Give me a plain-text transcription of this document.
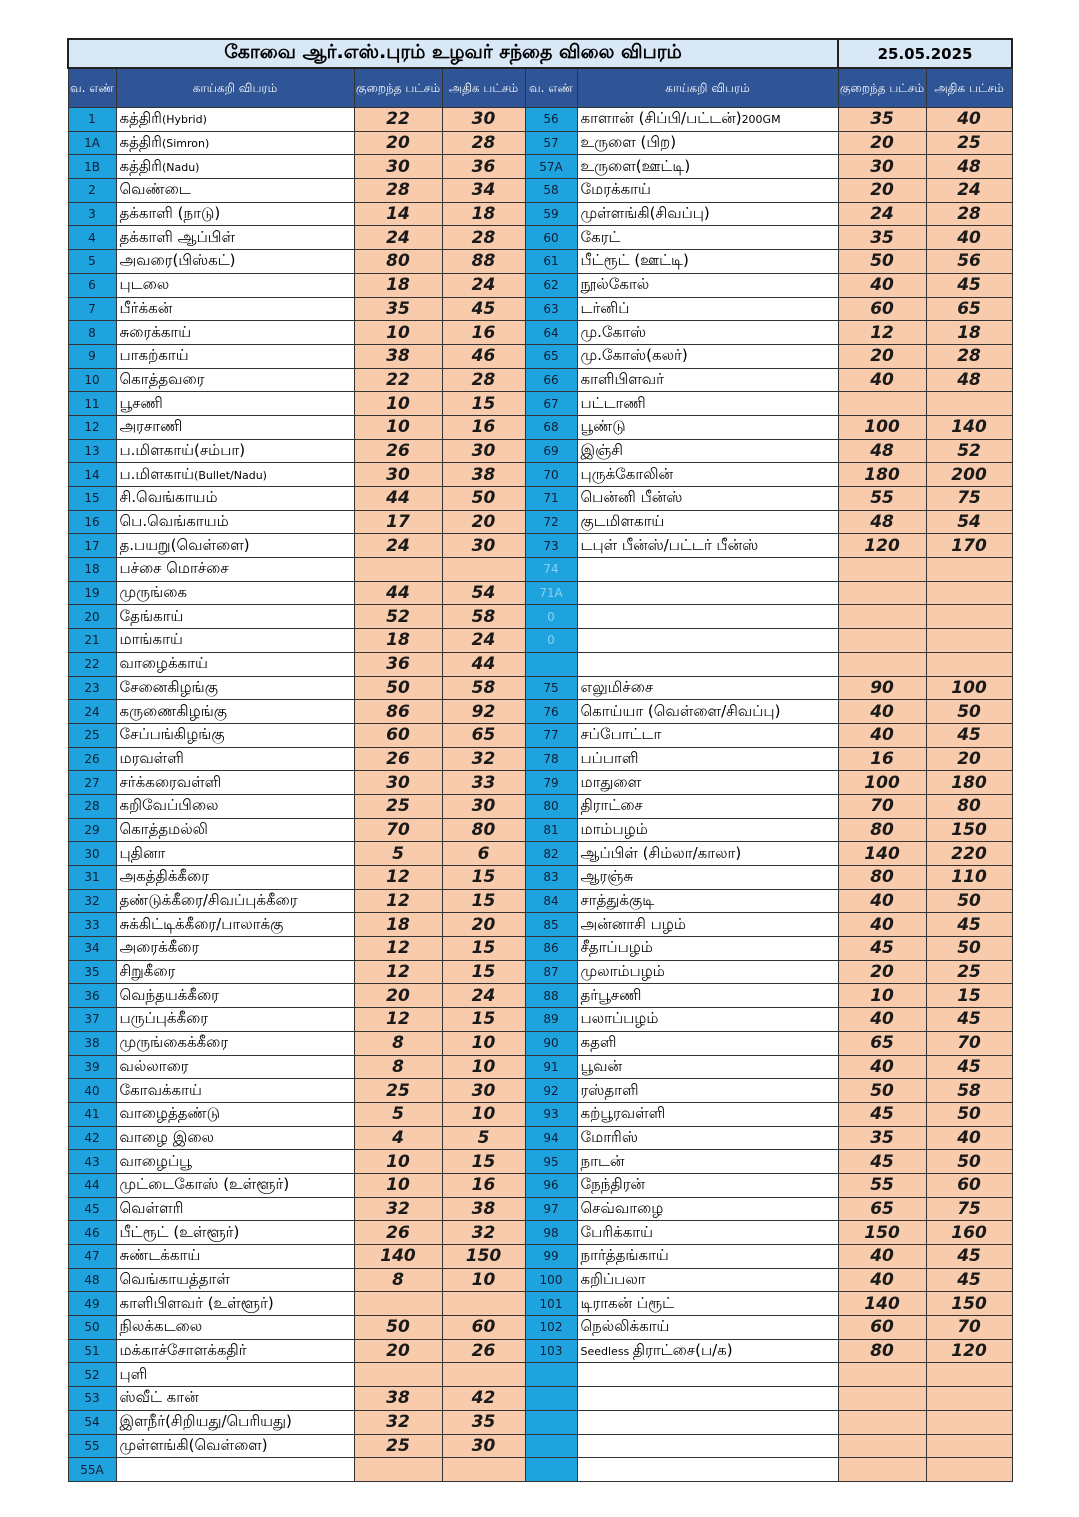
கோவை ஆர்.எஸ்.புரம் உழவர் சந்தை விலை விபரம்						25.05.2025	
வ. எண்	காய்கறி விபரம்	குறைந்த பட்சம்	அதிக பட்சம்	வ. எண்	காய்கறி விபரம்	குறைந்த பட்சம்	அதிக பட்சம்
1	கத்திரி(Hybrid)	22	30	56	காளான் (சிப்பி/பட்டன்)200GM	35	40
1A	கத்திரி(Simron)	20	28	57	உருளை (பிற)	20	25
1B	கத்திரி(Nadu)	30	36	57A	உருளை(ஊட்டி)	30	48
2	வெண்டை	28	34	58	மேரக்காய்	20	24
3	தக்காளி (நாடு)	14	18	59	முள்ளங்கி(சிவப்பு)	24	28
4	தக்காளி ஆப்பிள்	24	28	60	கேரட்	35	40
5	அவரை(பிஸ்கட்)	80	88	61	பீட்ரூட் (ஊட்டி)	50	56
6	புடலை	18	24	62	நூல்கோல்	40	45
7	பீர்க்கன்	35	45	63	டர்னிப்	60	65
8	சுரைக்காய்	10	16	64	மு.கோஸ்	12	18
9	பாகற்காய்	38	46	65	மு.கோஸ்(கலர்)	20	28
10	கொத்தவரை	22	28	66	காளிபிளவர்	40	48
11	பூசணி	10	15	67	பட்டாணி		
12	அரசாணி	10	16	68	பூண்டு	100	140
13	ப.மிளகாய்(சம்பா)	26	30	69	இஞ்சி	48	52
14	ப.மிளகாய்(Bullet/Nadu)	30	38	70	புருக்கோலின்	180	200
15	சி.வெங்காயம்	44	50	71	பென்னி பீன்ஸ்	55	75
16	பெ.வெங்காயம்	17	20	72	குடமிளகாய்	48	54
17	த.பயறு(வெள்ளை)	24	30	73	டபுள் பீன்ஸ்/பட்டர் பீன்ஸ்	120	170
18	பச்சை மொச்சை			74			
19	முருங்கை	44	54	71A			
20	தேங்காய்	52	58	0			
21	மாங்காய்	18	24	0			
22	வாழைக்காய்	36	44				
23	சேனைகிழங்கு	50	58	75	எலுமிச்சை	90	100
24	கருணைகிழங்கு	86	92	76	கொய்யா (வெள்ளை/சிவப்பு)	40	50
25	சேப்பங்கிழங்கு	60	65	77	சப்போட்டா	40	45
26	மரவள்ளி	26	32	78	பப்பாளி	16	20
27	சர்க்கரைவள்ளி	30	33	79	மாதுளை	100	180
28	கறிவேப்பிலை	25	30	80	திராட்சை	70	80
29	கொத்தமல்லி	70	80	81	மாம்பழம்	80	150
30	புதினா	5	6	82	ஆப்பிள் (சிம்லா/காலா)	140	220
31	அகத்திக்கீரை	12	15	83	ஆரஞ்சு	80	110
32	தண்டுக்கீரை/சிவப்புக்கீரை	12	15	84	சாத்துக்குடி	40	50
33	சுக்கிட்டிக்கீரை/பாலாக்கு	18	20	85	அன்னாசி பழம்	40	45
34	அரைக்கீரை	12	15	86	சீதாப்பழம்	45	50
35	சிறுகீரை	12	15	87	முலாம்பழம்	20	25
36	வெந்தயக்கீரை	20	24	88	தர்பூசணி	10	15
37	பருப்புக்கீரை	12	15	89	பலாப்பழம்	40	45
38	முருங்கைக்கீரை	8	10	90	கதளி	65	70
39	வல்லாரை	8	10	91	பூவன்	40	45
40	கோவக்காய்	25	30	92	ரஸ்தாளி	50	58
41	வாழைத்தண்டு	5	10	93	கற்பூரவள்ளி	45	50
42	வாழை இலை	4	5	94	மோரிஸ்	35	40
43	வாழைப்பூ	10	15	95	நாடன்	45	50
44	முட்டைகோஸ் (உள்ளூர்)	10	16	96	நேந்திரன்	55	60
45	வெள்ளரி	32	38	97	செவ்வாழை	65	75
46	பீட்ரூட் (உள்ளூர்)	26	32	98	பேரிக்காய்	150	160
47	சுண்டக்காய்	140	150	99	நார்த்தங்காய்	40	45
48	வெங்காயத்தாள்	8	10	100	கறிப்பலா	40	45
49	காளிபிளவர் (உள்ளூர்)			101	டிராகன் ப்ரூட்	140	150
50	நிலக்கடலை	50	60	102	நெல்லிக்காய்	60	70
51	மக்காச்சோளக்கதிர்	20	26	103	Seedless திராட்சை(ப/க)	80	120
52	புளி						
53	ஸ்வீட் கான்	38	42				
54	இளநீர்(சிறியது/பெரியது)	32	35				
55	முள்ளங்கி(வெள்ளை)	25	30				
55A							
